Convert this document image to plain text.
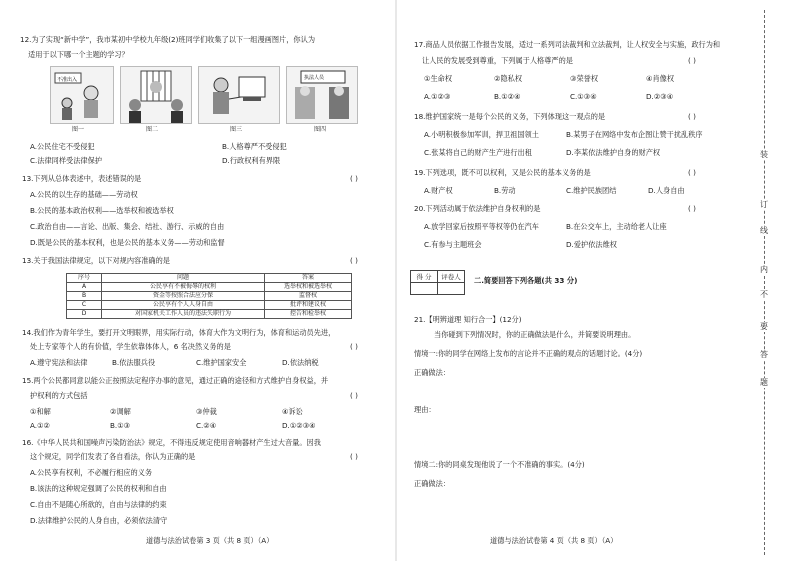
12.为了实现“新中学”，我市某初中学校九年级(2)班同学们收集了以下一组漫画图片，你认为
适用于以下哪一个主题的学习？
不准出入	执法人员
图一	图二	图三	图四
A.公民住宅不受侵犯	B.人格尊严不受侵犯
C.法律同样受法律保护	D.行政权利有界限
13.下列从总体表述中，表述错误的是	( )
A.公民的以生存的基础——劳动权
B.公民的基本政治权利——选举权和被选举权
C.政治自由——言论、出版、集会、结社、游行、示威的自由
D.既是公民的基本权利，也是公民的基本义务——劳动和监督
13.关于我国法律规定，以下对规内容准确的是	( )
序号	问题	答案
A	公民享有不被侮辱的权利	选举权和被选举权
B	资金等按照合法应分保	监督权
C	公民享有个人人身自由	批评和建议权
D	对国家机关工作人员的违法失职行为	控告和检举权
14.我们作为青年学生，要打开文明眼界，用实际行动，体育大作为文明行为，体育和运动员先进，
处上专家等个人的有价值，学生依靠体体人，6 名决然义务的是	( )
A.遵守宪法和法律	B.依法服兵役	C.维护国家安全	D.依法纳税
15.两个公民都同意以能公正按照法定程序办事的意见，通过正确的途径和方式维护自身权益，并
护权利的方式包括	( )
①和解	②调解	③仲裁	④诉讼
A.①②	B.①③	C.②④	D.①②③④
16.《中华人民共和国噪声污染防治法》规定，不得违反规定使用音响器材产生过大音量。因我
这个规定，同学们发表了各自看法，你认为正确的是	( )
A.公民享有权利，不必履行相应的义务
B.该法的这种规定强调了公民的权利和自由
C.自由不是随心所欲的，自由与法律的约束
D.法律维护公民的人身自由，必须依法清守
道德与法治试卷第 3 页（共 8 页）（A）
17.商品人员依据工作报告发展，适过一系列司法裁判和立法裁判，让人权安全与实施，政行为和
让人民的发展受到尊重，下列属于人格尊严的是	( )
①生命权	②隐私权	③荣誉权	④肖像权
A.①②③	B.①②④	C.①③④	D.②③④
18.维护国家统一是每个公民的义务，下列体现这一观点的是	( )
A.小明积极参加军训，捍卫祖国领土	B.某男子在网络中发布企图让赞干扰乱秩序
C.张某将自己的财产生产进行出租	D.李某依法维护自身的财产权
19.下列选项，既不可以权利，又是公民的基本义务的是	( )
A.财产权	B.劳动	C.维护民族团结	D.人身自由
20.下列活动属于依法维护自身权利的是	( )
A.放学回家后按照平等权等仍在汽车	B.在公交车上，主动给老人让座
C.有参与主题班会	D.爱护依法维权
得 分	评卷人
	二.简要回答下列各题(共 33 分)
21.【明辨道理 知行合一】(12分)
当你碰到下列情况时，你的正确做法是什么，并简要说明理由。
情境一:你的同学在网络上发布的言论并不正确的观点的话题讨论。(4分)
正确做法：
理由：
情境二:你的同桌发现他说了一个不准确的事实。(4分)
正确做法：
道德与法治试卷第 4 页（共 8 页）（A）
装
订
线
内
不
要
答
题
